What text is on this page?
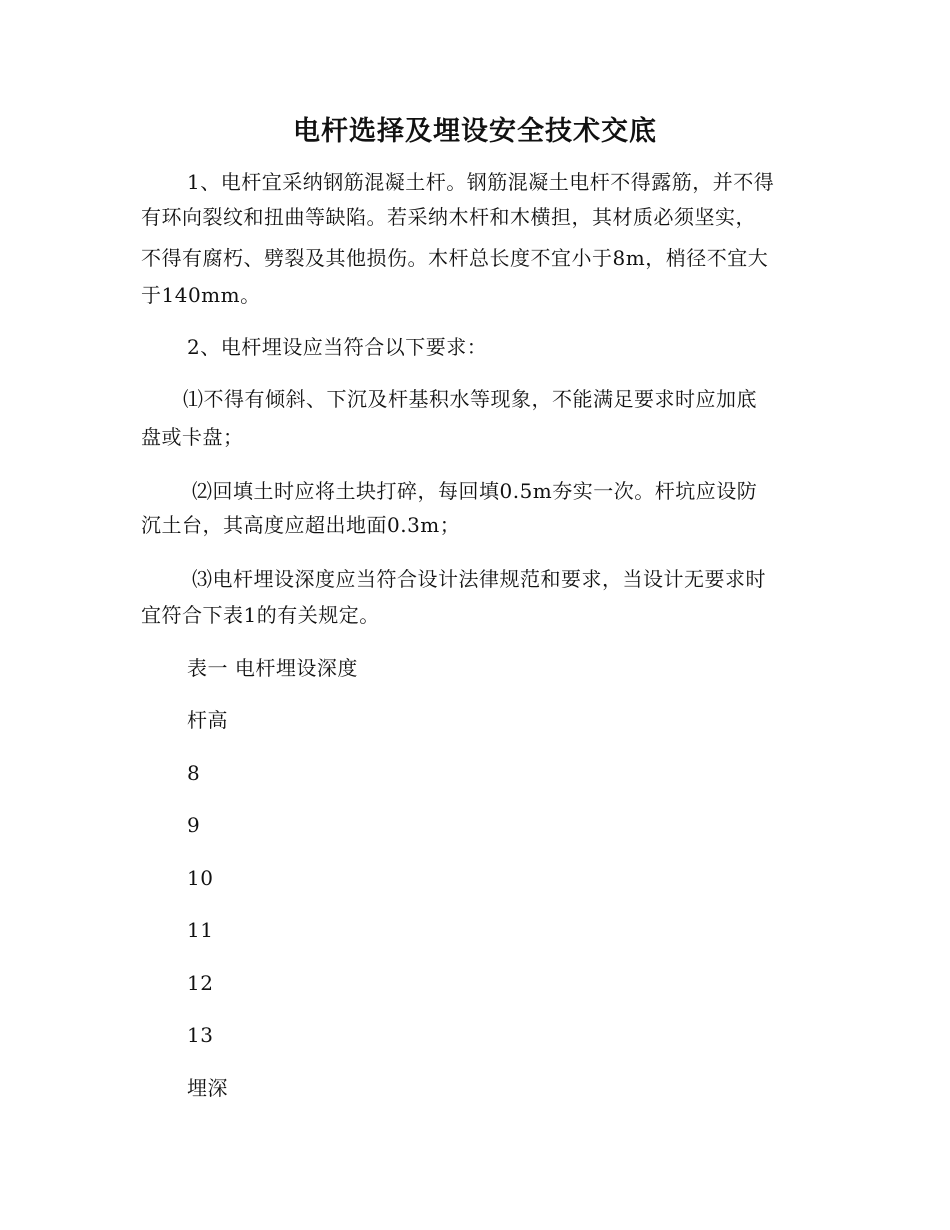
电杆选择及埋设安全技术交底
1、电杆宜采纳钢筋混凝土杆。钢筋混凝土电杆不得露筋，并不得
有环向裂纹和扭曲等缺陷。若采纳木杆和木横担，其材质必须坚实，
不得有腐朽、劈裂及其他损伤。木杆总长度不宜小于8m，梢径不宜大
于140mm。
2、电杆埋设应当符合以下要求：
⑴不得有倾斜、下沉及杆基积水等现象，不能满足要求时应加底
盘或卡盘；
⑵回填土时应将土块打碎，每回填0.5m夯实一次。杆坑应设防
沉土台，其高度应超出地面0.3m；
⑶电杆埋设深度应当符合设计法律规范和要求，当设计无要求时
宜符合下表1的有关规定。
表一 电杆埋设深度
杆高
8
9
10
11
12
13
埋深
